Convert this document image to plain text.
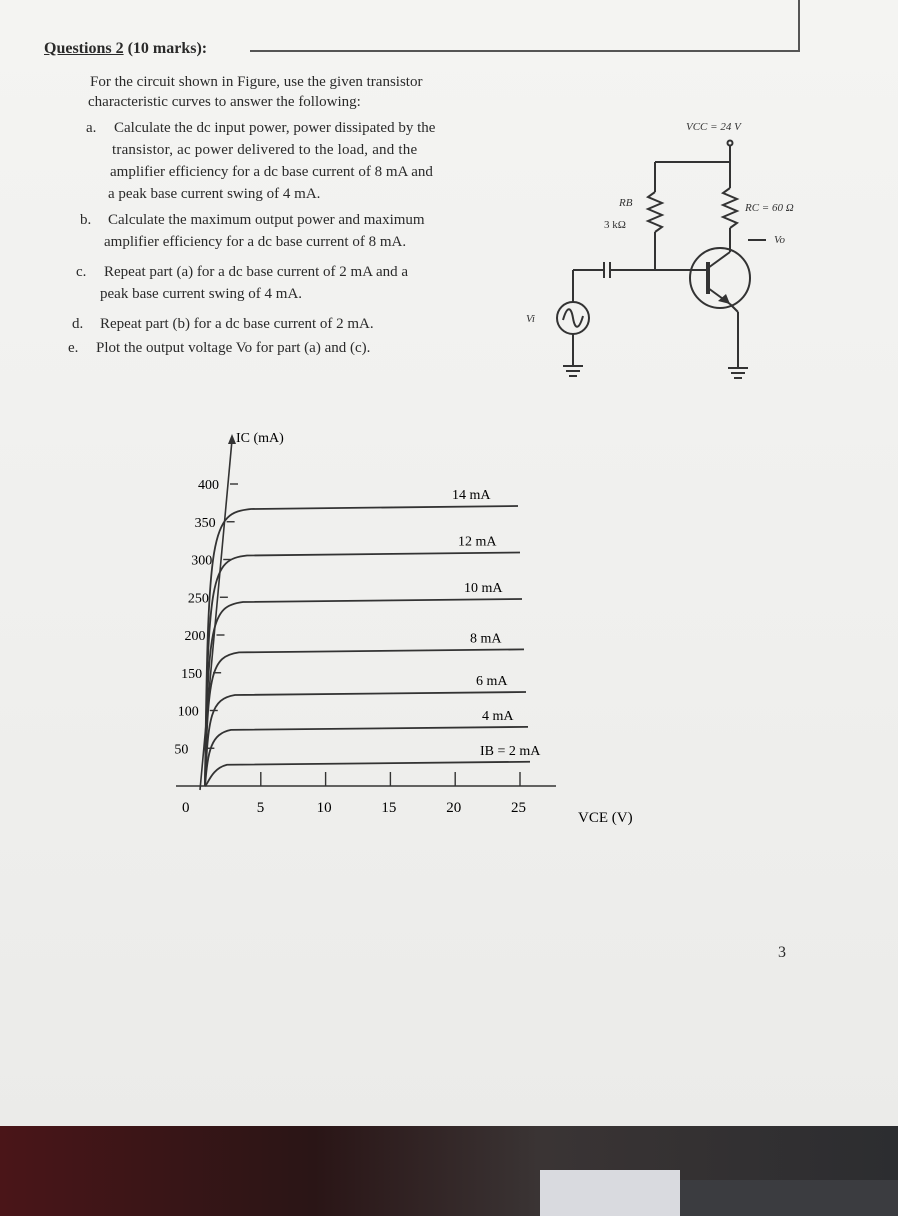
Questions 2 (10 marks):
For the circuit shown in Figure, use the given transistor
characteristic curves to answer the following:
a. Calculate the dc input power, power dissipated by the
transistor, ac power delivered to the load, and the
amplifier efficiency for a dc base current of 8 mA and
a peak base current swing of 4 mA.
b. Calculate the maximum output power and maximum
amplifier efficiency for a dc base current of 8 mA.
c. Repeat part (a) for a dc base current of 2 mA and a
peak base current swing of 4 mA.
d. Repeat part (b) for a dc base current of 2 mA.
e. Plot the output voltage Vo for part (a) and (c).
VCC = 24 V
RB
3 kΩ
RC = 60 Ω
Vo
Vi
IC (mA)
VCE (V)
50
100
150
200
250
300
350
400
0	5	10	15	20	25
IB = 2 mA
4 mA
6 mA
8 mA
10 mA
12 mA
14 mA
3
